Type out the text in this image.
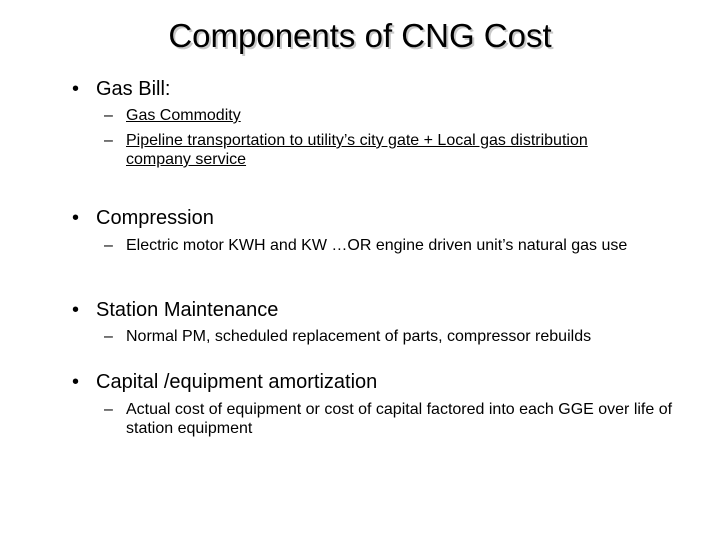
Components of CNG Cost
• Gas Bill:
– Gas Commodity
– Pipeline transportation to utility’s city gate + Local gas distribution company service
• Compression
– Electric motor KWH and KW …OR engine driven unit’s natural gas use
• Station Maintenance
– Normal PM, scheduled replacement of parts, compressor rebuilds
• Capital /equipment amortization
– Actual cost of equipment or cost of capital factored into each GGE over life of station equipment
